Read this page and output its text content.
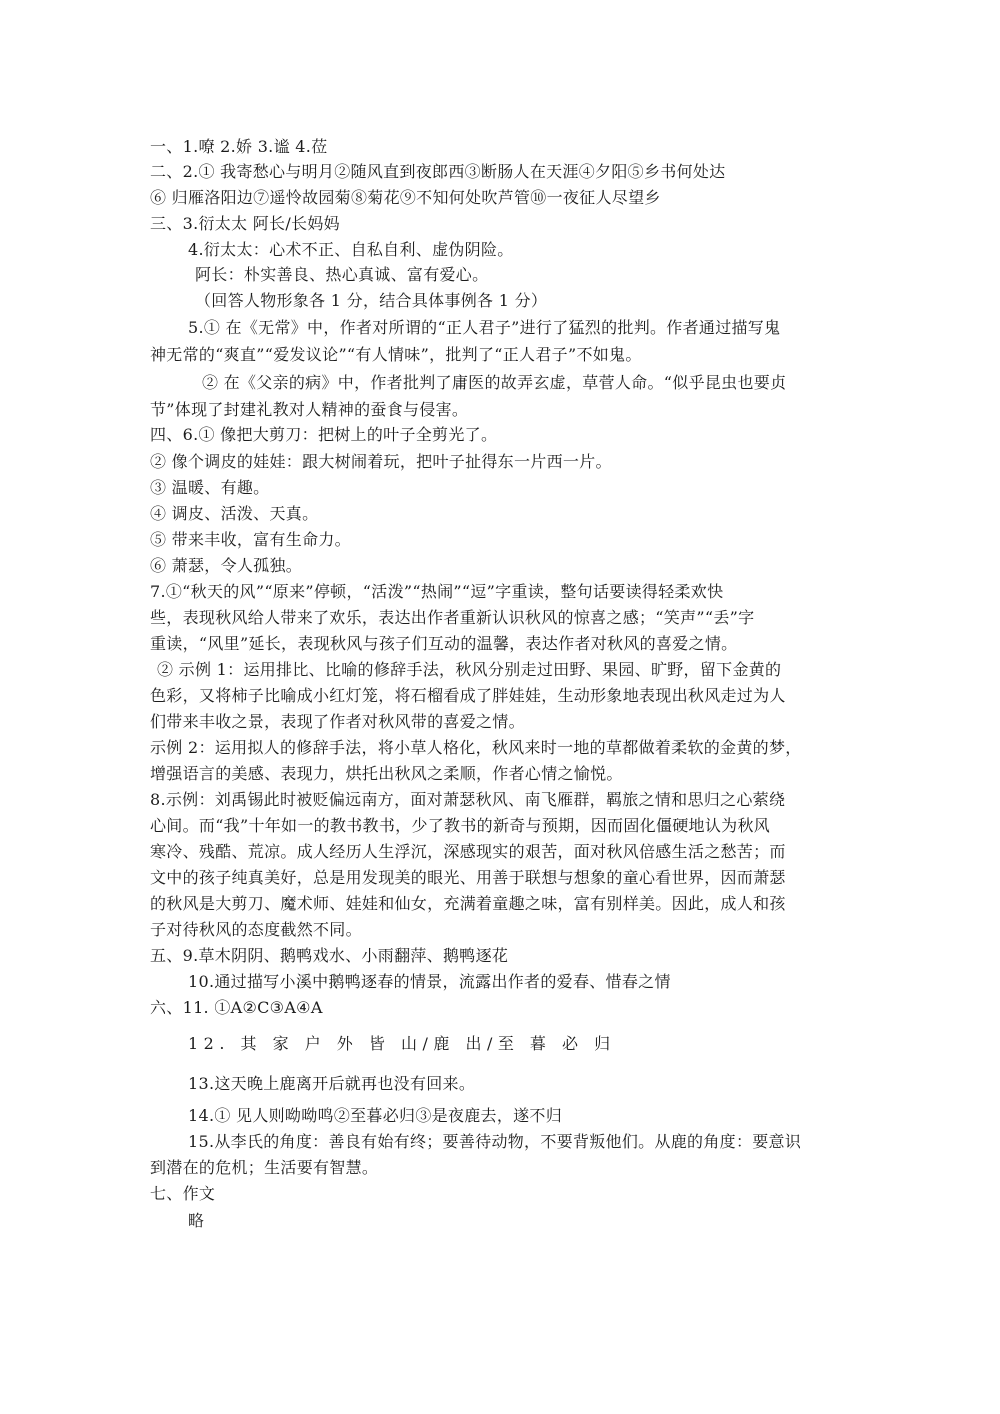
一、1.嘹 2.娇 3.谧 4.莅
二、2.① 我寄愁心与明月②随风直到夜郎西③断肠人在天涯④夕阳⑤乡书何处达
⑥ 归雁洛阳边⑦遥怜故园菊⑧菊花⑨不知何处吹芦管⑩一夜征人尽望乡
三、3.衍太太 阿长/长妈妈
4.衍太太：心术不正、自私自利、虚伪阴险。
阿长：朴实善良、热心真诚、富有爱心。
（回答人物形象各 1 分，结合具体事例各 1 分）
5.① 在《无常》中，作者对所谓的“正人君子”进行了猛烈的批判。作者通过描写鬼
神无常的“爽直”“爱发议论”“有人情味”，批判了“正人君子”不如鬼。
② 在《父亲的病》中，作者批判了庸医的故弄玄虚，草菅人命。“似乎昆虫也要贞
节”体现了封建礼教对人精神的蚕食与侵害。
四、6.① 像把大剪刀：把树上的叶子全剪光了。
② 像个调皮的娃娃：跟大树闹着玩，把叶子扯得东一片西一片。
③ 温暖、有趣。
④ 调皮、活泼、天真。
⑤ 带来丰收，富有生命力。
⑥ 萧瑟，令人孤独。
7.①“秋天的风”“原来”停顿，“活泼”“热闹”“逗”字重读，整句话要读得轻柔欢快
些，表现秋风给人带来了欢乐，表达出作者重新认识秋风的惊喜之感；“笑声”“丢”字
重读，“风里”延长，表现秋风与孩子们互动的温馨，表达作者对秋风的喜爱之情。
② 示例 1：运用排比、比喻的修辞手法，秋风分别走过田野、果园、旷野，留下金黄的
色彩，又将柿子比喻成小红灯笼，将石榴看成了胖娃娃，生动形象地表现出秋风走过为人
们带来丰收之景，表现了作者对秋风带的喜爱之情。
示例 2：运用拟人的修辞手法，将小草人格化，秋风来时一地的草都做着柔软的金黄的梦，
增强语言的美感、表现力，烘托出秋风之柔顺，作者心情之愉悦。
8.示例：刘禹锡此时被贬偏远南方，面对萧瑟秋风、南飞雁群，羁旅之情和思归之心萦绕
心间。而“我”十年如一的教书教书，少了教书的新奇与预期，因而固化僵硬地认为秋风
寒冷、残酷、荒凉。成人经历人生浮沉，深感现实的艰苦，面对秋风倍感生活之愁苦；而
文中的孩子纯真美好，总是用发现美的眼光、用善于联想与想象的童心看世界，因而萧瑟
的秋风是大剪刀、魔术师、娃娃和仙女，充满着童趣之味，富有别样美。因此，成人和孩
子对待秋风的态度截然不同。
五、9.草木阴阴、鹅鸭戏水、小雨翻萍、鹅鸭逐花
10.通过描写小溪中鹅鸭逐春的情景，流露出作者的爱春、惜春之情
六、11. ①A②C③A④A
12. 其 家 户 外 皆 山/鹿 出/至 暮 必 归
13.这天晚上鹿离开后就再也没有回来。
14.① 见人则呦呦鸣②至暮必归③是夜鹿去，遂不归
15.从李氏的角度：善良有始有终；要善待动物，不要背叛他们。从鹿的角度：要意识
到潜在的危机；生活要有智慧。
七、作文
略
